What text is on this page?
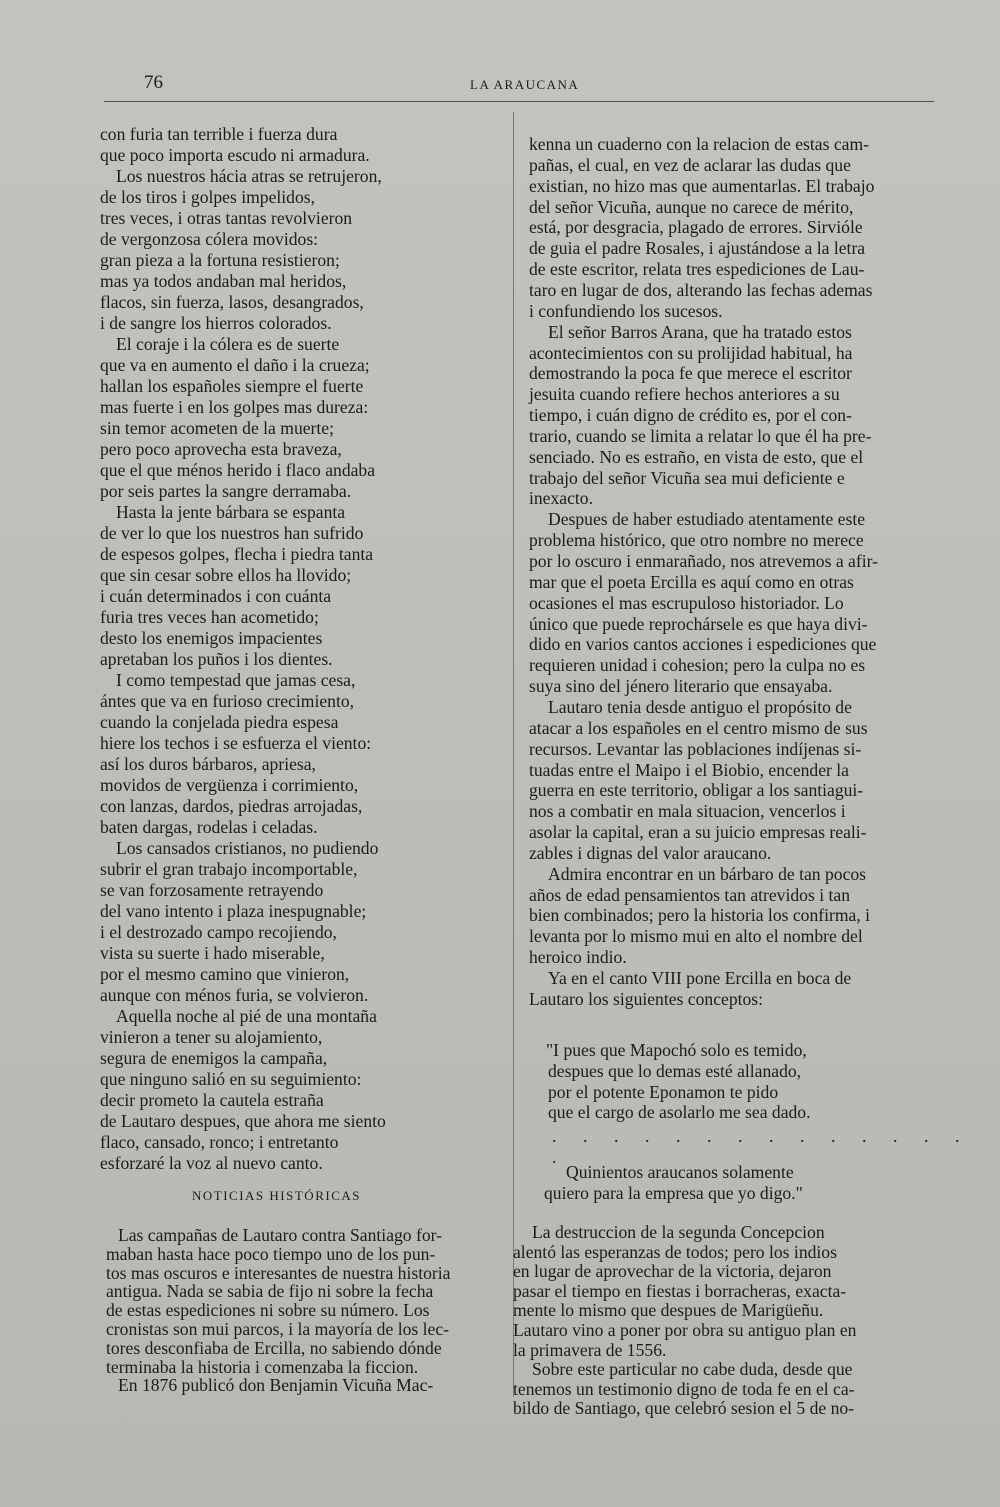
76	LA ARAUCANA
con furia tan terrible i fuerza dura
que poco importa escudo ni armadura.
Los nuestros hácia atras se retrujeron,
de los tiros i golpes impelidos,
tres veces, i otras tantas revolvieron
de vergonzosa cólera movidos:
gran pieza a la fortuna resistieron;
mas ya todos andaban mal heridos,
flacos, sin fuerza, lasos, desangrados,
i de sangre los hierros colorados.
El coraje i la cólera es de suerte
que va en aumento el daño i la crueza;
hallan los españoles siempre el fuerte
mas fuerte i en los golpes mas dureza:
sin temor acometen de la muerte;
pero poco aprovecha esta braveza,
que el que ménos herido i flaco andaba
por seis partes la sangre derramaba.
Hasta la jente bárbara se espanta
de ver lo que los nuestros han sufrido
de espesos golpes, flecha i piedra tanta
que sin cesar sobre ellos ha llovido;
i cuán determinados i con cuánta
furia tres veces han acometido;
desto los enemigos impacientes
apretaban los puños i los dientes.
I como tempestad que jamas cesa,
ántes que va en furioso crecimiento,
cuando la conjelada piedra espesa
hiere los techos i se esfuerza el viento:
así los duros bárbaros, apriesa,
movidos de vergüenza i corrimiento,
con lanzas, dardos, piedras arrojadas,
baten dargas, rodelas i celadas.
Los cansados cristianos, no pudiendo
subrir el gran trabajo incomportable,
se van forzosamente retrayendo
del vano intento i plaza inespugnable;
i el destrozado campo recojiendo,
vista su suerte i hado miserable,
por el mesmo camino que vinieron,
aunque con ménos furia, se volvieron.
Aquella noche al pié de una montaña
vinieron a tener su alojamiento,
segura de enemigos la campaña,
que ninguno salió en su seguimiento:
decir prometo la cautela estraña
de Lautaro despues, que ahora me siento
flaco, cansado, ronco; i entretanto
esforzaré la voz al nuevo canto.
NOTICIAS HISTÓRICAS
Las campañas de Lautaro contra Santiago for-
maban hasta hace poco tiempo uno de los pun-
tos mas oscuros e interesantes de nuestra historia
antigua. Nada se sabia de fijo ni sobre la fecha
de estas espediciones ni sobre su número. Los
cronistas son mui parcos, i la mayoría de los lec-
tores desconfiaba de Ercilla, no sabiendo dónde
terminaba la historia i comenzaba la ficcion.
En 1876 publicó don Benjamin Vicuña Mac-
kenna un cuaderno con la relacion de estas cam-
pañas, el cual, en vez de aclarar las dudas que
existian, no hizo mas que aumentarlas. El trabajo
del señor Vicuña, aunque no carece de mérito,
está, por desgracia, plagado de errores. Sirvióle
de guia el padre Rosales, i ajustándose a la letra
de este escritor, relata tres espediciones de Lau-
taro en lugar de dos, alterando las fechas ademas
i confundiendo los sucesos.
El señor Barros Arana, que ha tratado estos
acontecimientos con su prolijidad habitual, ha
demostrando la poca fe que merece el escritor
jesuita cuando refiere hechos anteriores a su
tiempo, i cuán digno de crédito es, por el con-
trario, cuando se limita a relatar lo que él ha pre-
senciado. No es estraño, en vista de esto, que el
trabajo del señor Vicuña sea mui deficiente e
inexacto.
Despues de haber estudiado atentamente este
problema histórico, que otro nombre no merece
por lo oscuro i enmarañado, nos atrevemos a afir-
mar que el poeta Ercilla es aquí como en otras
ocasiones el mas escrupuloso historiador. Lo
único que puede reprochársele es que haya divi-
dido en varios cantos acciones i espediciones que
requieren unidad i cohesion; pero la culpa no es
suya sino del jénero literario que ensayaba.
Lautaro tenia desde antiguo el propósito de
atacar a los españoles en el centro mismo de sus
recursos. Levantar las poblaciones indíjenas si-
tuadas entre el Maipo i el Biobio, encender la
guerra en este territorio, obligar a los santiagui-
nos a combatir en mala situacion, vencerlos i
asolar la capital, eran a su juicio empresas reali-
zables i dignas del valor araucano.
Admira encontrar en un bárbaro de tan pocos
años de edad pensamientos tan atrevidos i tan
bien combinados; pero la historia los confirma, i
levanta por lo mismo mui en alto el nombre del
heroico indio.
Ya en el canto VIII pone Ercilla en boca de
Lautaro los siguientes conceptos:
"I pues que Mapochó solo es temido,
despues que lo demas esté allanado,
por el potente Eponamon te pido
que el cargo de asolarlo me sea dado.
. . . . . . . . . . . . . . .
Quinientos araucanos solamente
quiero para la empresa que yo digo."
La destruccion de la segunda Concepcion
alentó las esperanzas de todos; pero los indios
en lugar de aprovechar de la victoria, dejaron
pasar el tiempo en fiestas i borracheras, exacta-
mente lo mismo que despues de Marigüeñu.
Lautaro vino a poner por obra su antiguo plan en
la primavera de 1556.
Sobre este particular no cabe duda, desde que
tenemos un testimonio digno de toda fe en el ca-
bildo de Santiago, que celebró sesion el 5 de no-
